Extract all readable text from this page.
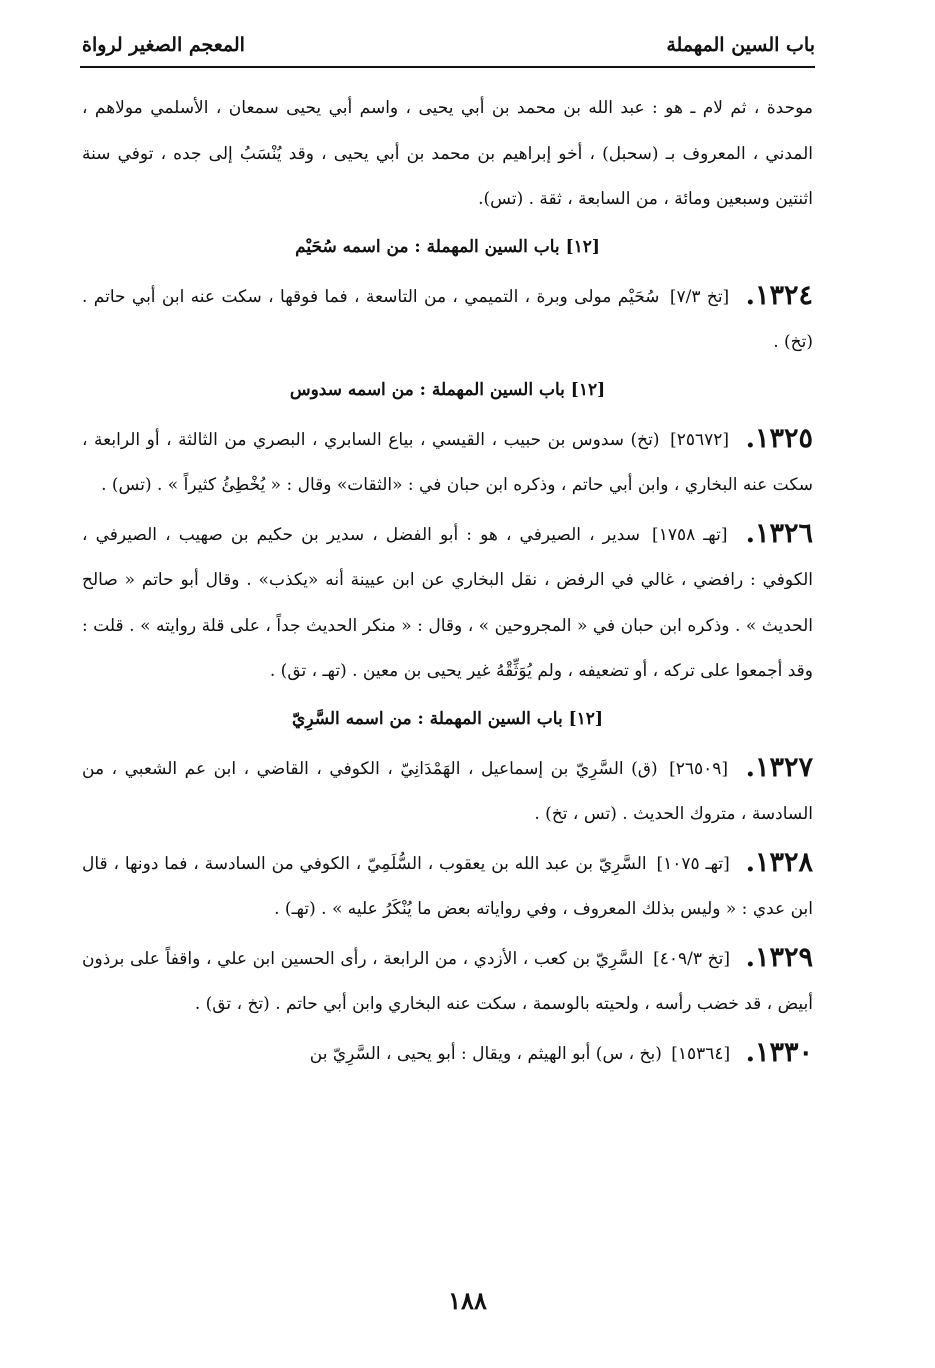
باب السين المهملة
المعجم الصغير لرواة

موحدة ، ثم لام ـ هو : عبد الله بن محمد بن أبي يحيى ، واسم أبي يحيى سمعان ، الأسلمي مولاهم ، المدني ، المعروف بـ (سحبل) ، أخو إبراهيم بن محمد بن أبي يحيى ، وقد يُنْسَبُ إلى جده ، توفي سنة اثنتين وسبعين ومائة ، من السابعة ، ثقة . (تس).

[١٢] باب السين المهملة : من اسمه سُحَيْم

١٣٢٤. [تخ ٧/٣] سُحَيْم مولى وبرة ، التميمي ، من التاسعة ، فما فوقها ، سكت عنه ابن أبي حاتم . (تخ) .

[١٢] باب السين المهملة : من اسمه سدوس

١٣٢٥. [٢٥٦٧٢] (تخ) سدوس بن حبيب ، القيسي ، بياع السابري ، البصري من الثالثة ، أو الرابعة ، سكت عنه البخاري ، وابن أبي حاتم ، وذكره ابن حبان في : «الثقات» وقال : « يُخْطِئُ كثيراً » . (تس) .

١٣٢٦. [تهـ ١٧٥٨] سدير ، الصيرفي ، هو : أبو الفضل ، سدير بن حكيم بن صهيب ، الصيرفي ، الكوفي : رافضي ، غالي في الرفض ، نقل البخاري عن ابن عيينة أنه «يكذب» . وقال أبو حاتم « صالح الحديث » . وذكره ابن حبان في « المجروحين » ، وقال : « منكر الحديث جداً ، على قلة روايته » . قلت : وقد أجمعوا على تركه ، أو تضعيفه ، ولم يُوَثِّقْهُ غير يحيى بن معين . (تهـ ، تق) .

[١٢] باب السين المهملة : من اسمه السَّرِيّ

١٣٢٧. [٢٦٥٠٩] (ق) السَّرِيّ بن إسماعيل ، الهَمْدَانِيّ ، الكوفي ، القاضي ، ابن عم الشعبي ، من السادسة ، متروك الحديث . (تس ، تخ) .

١٣٢٨. [تهـ ١٠٧٥] السَّرِيّ بن عبد الله بن يعقوب ، السُّلَمِيّ ، الكوفي من السادسة ، فما دونها ، قال ابن عدي : « وليس بذلك المعروف ، وفي رواياته بعض ما يُنْكَرُ عليه » . (تهـ) .

١٣٢٩. [تخ ٤٠٩/٣] السَّرِيّ بن كعب ، الأزدي ، من الرابعة ، رأى الحسين ابن علي ، واقفاً على برذون أبيض ، قد خضب رأسه ، ولحيته بالوسمة ، سكت عنه البخاري وابن أبي حاتم . (تخ ، تق) .

١٣٣٠. [١٥٣٦٤] (بخ ، س) أبو الهيثم ، ويقال : أبو يحيى ، السَّرِيّ بن

١٨٨
